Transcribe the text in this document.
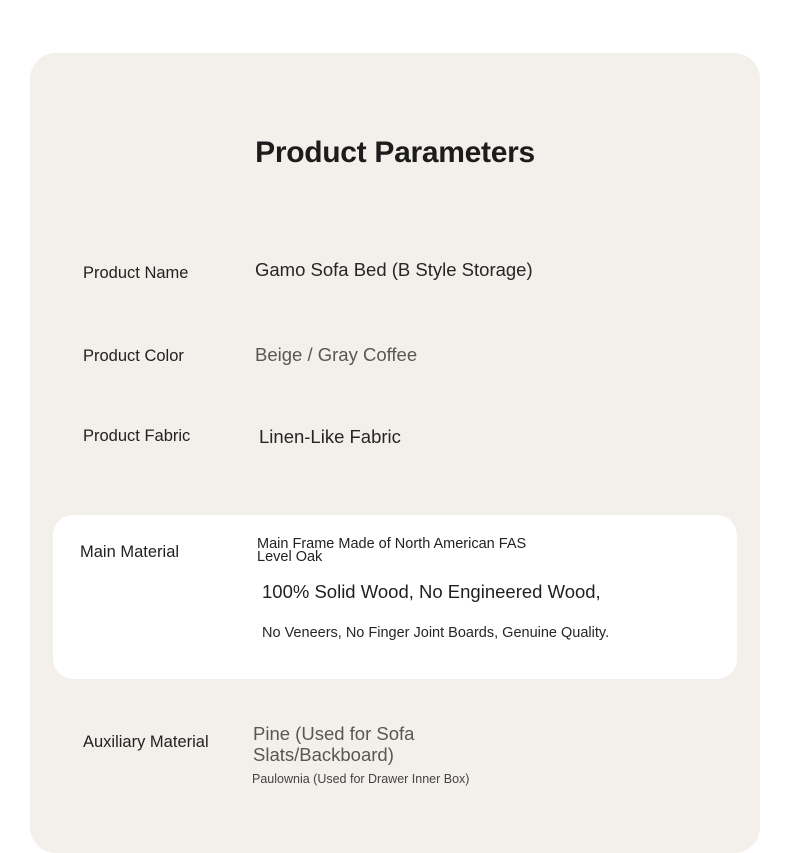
Product Parameters
Product Name	Gamo Sofa Bed (B Style Storage)
Product Color	Beige / Gray Coffee
Product Fabric	Linen-Like Fabric
Main Material	Main Frame Made of North American FAS Level Oak
100% Solid Wood, No Engineered Wood,
No Veneers, No Finger Joint Boards, Genuine Quality.
Auxiliary Material Pine (Used for Sofa Slats/Backboard)
Paulownia (Used for Drawer Inner Box)
